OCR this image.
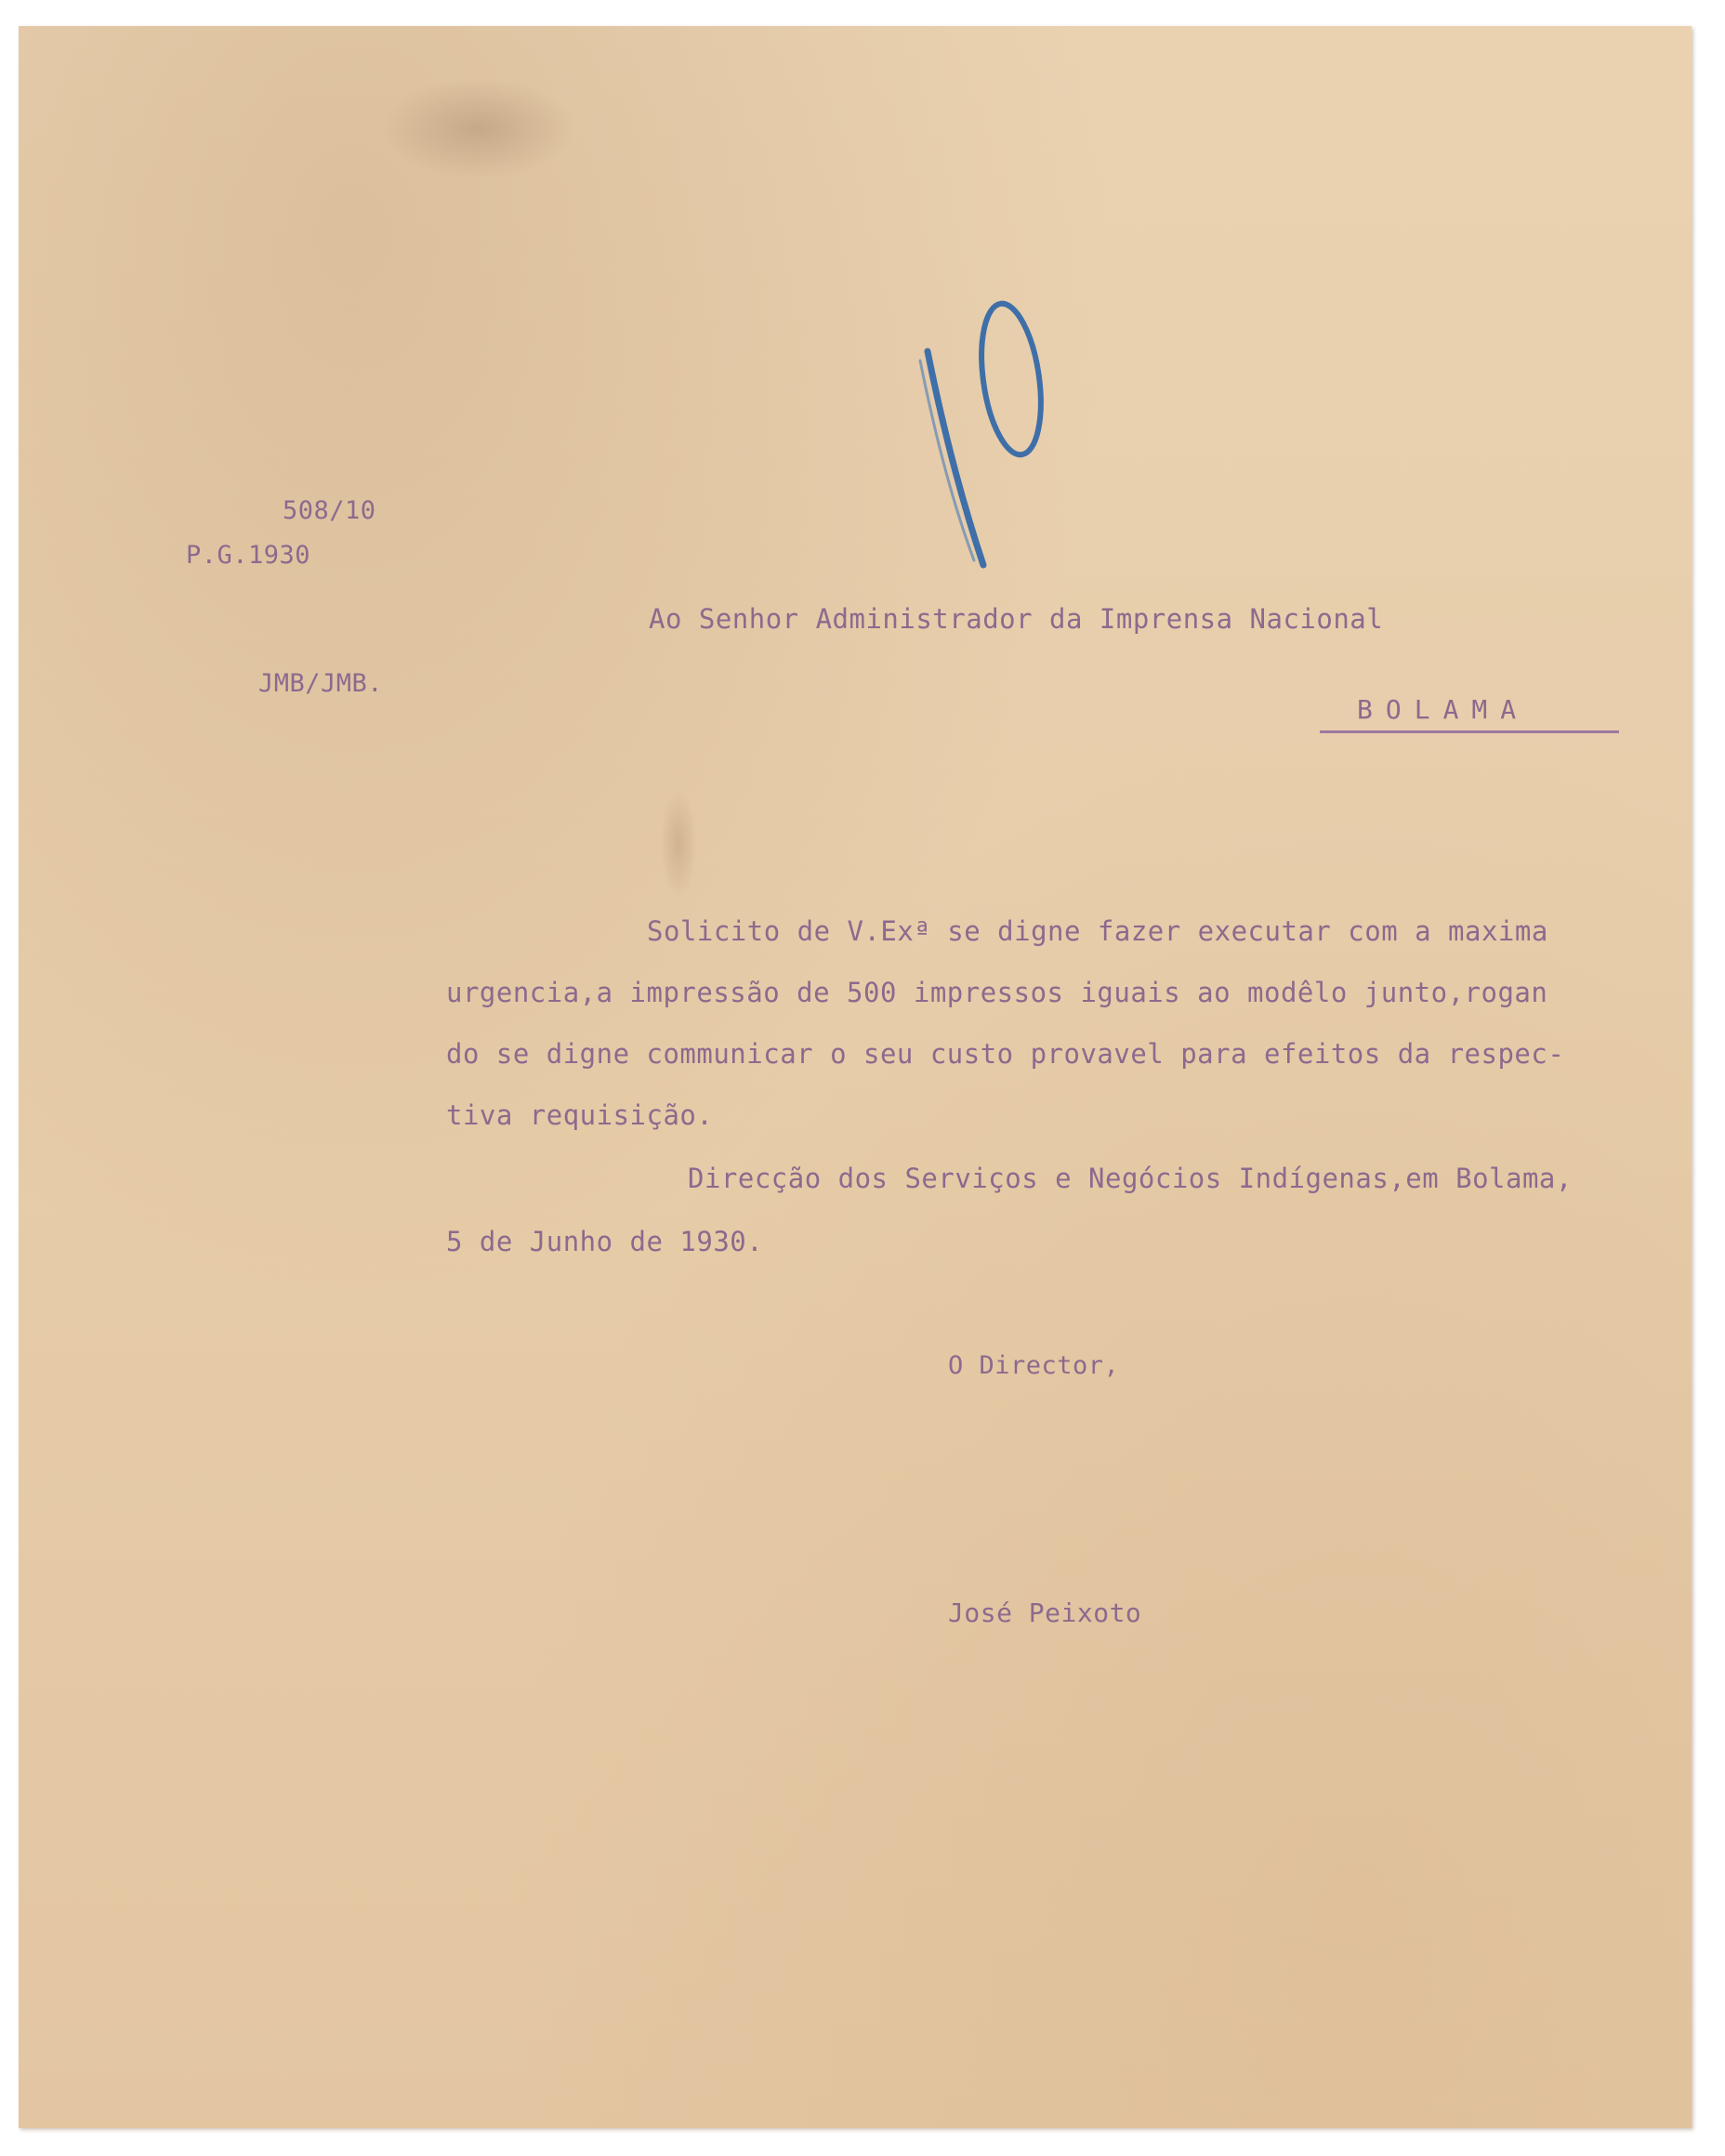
508/10
P.G.1930
JMB/JMB.
Ao Senhor Administrador da Imprensa Nacional
BOLAMA
Solicito de V.Exª se digne fazer executar com a maxima
urgencia,a impressão de 500 impressos iguais ao modêlo junto,rogan
do se digne communicar o seu custo provavel para efeitos da respec-
tiva requisição.
Direcção dos Serviços e Negócios Indígenas,em Bolama,
5 de Junho de 1930.
O Director,
José Peixoto
